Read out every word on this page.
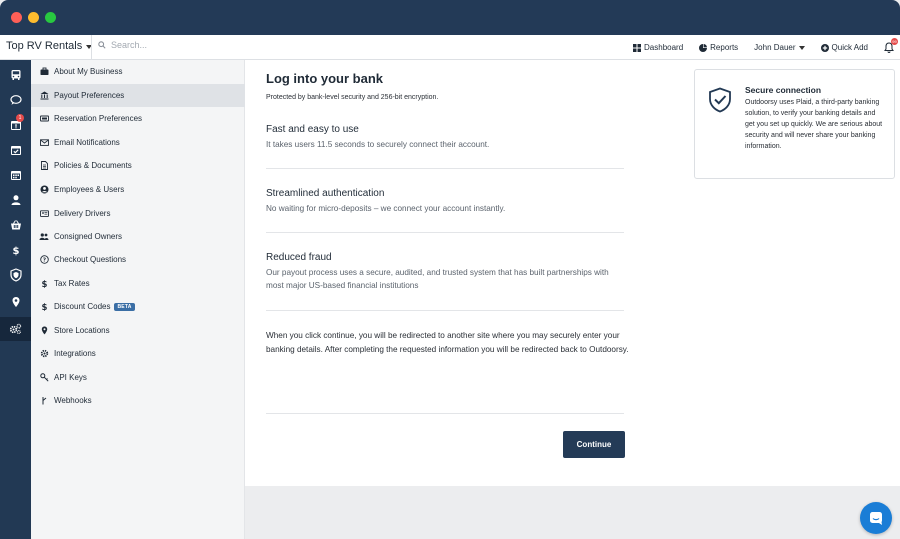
Top RV Rentals
Search...	Dashboard	Reports John Dauer	Quick Add
99
1
$
About My Business
Payout Preferences
Reservation Preferences
Email Notifications
Policies & Documents
Employees & Users
Delivery Drivers
Consigned Owners
? Checkout Questions
$ Tax Rates
$ Discount Codes	BETA
Store Locations
Integrations
API Keys
Webhooks
Log into your bank

Protected by bank-level security and 256-bit encryption.

Fast and easy to use

It takes users 11.5 seconds to securely connect their account.

Streamlined authentication

No waiting for micro-deposits – we connect your account instantly.

Reduced fraud

Our payout process uses a secure, audited, and trusted system that has built partnerships with most major US-based financial institutions

When you click continue, you will be redirected to another site where you may securely enter your banking details. After completing the requested information you will be redirected back to Outdoorsy.

Continue
Secure connection

Outdoorsy uses Plaid, a third-party banking solution, to verify your banking details and get you set up quickly. We are serious about security and will never share your banking information.
